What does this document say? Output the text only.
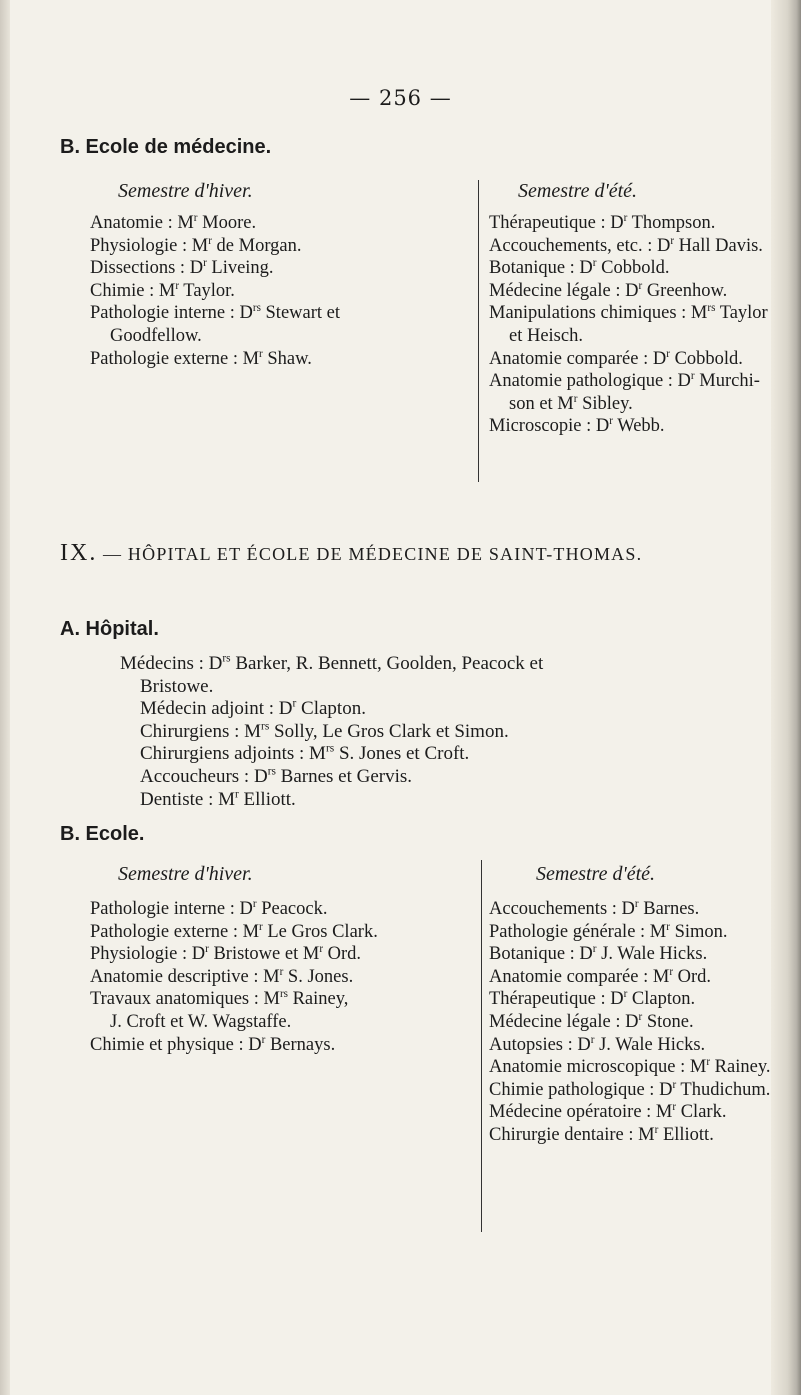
— 256 —
B. Ecole de médecine.
Semestre d'hiver.	Semestre d'été.
Anatomie : $M^r$ Moore.
Physiologie : $M^r$ de Morgan.
Dissections : $D^r$ Liveing.
Chimie : $M^r$ Taylor.
Pathologie interne : $D^{rs}$ Stewart et
Goodfellow.
Pathologie externe : $M^r$ Shaw.
Thérapeutique : $D^r$ Thompson.
Accouchements, etc. : $D^r$ Hall Davis.
Botanique : $D^r$ Cobbold.
Médecine légale : $D^r$ Greenhow.
Manipulations chimiques : $M^{rs}$ Taylor
et Heisch.
Anatomie comparée : $D^r$ Cobbold.
Anatomie pathologique : $D^r$ Murchi-
son et $M^r$ Sibley.
Microscopie : $D^r$ Webb.
IX. — HÔPITAL ET ÉCOLE DE MÉDECINE DE SAINT-THOMAS.
A. Hôpital.
Médecins : $D^{rs}$ Barker, R. Bennett, Goolden, Peacock et
Bristowe.
Médecin adjoint : $D^r$ Clapton.
Chirurgiens : $M^{rs}$ Solly, Le Gros Clark et Simon.
Chirurgiens adjoints : $M^{rs}$ S. Jones et Croft.
Accoucheurs : $D^{rs}$ Barnes et Gervis.
Dentiste : $M^r$ Elliott.
B. Ecole.
Semestre d'hiver.	Semestre d'été.
Pathologie interne : $D^r$ Peacock.
Pathologie externe : $M^r$ Le Gros Clark.
Physiologie : $D^r$ Bristowe et $M^r$ Ord.
Anatomie descriptive : $M^r$ S. Jones.
Travaux anatomiques : $M^{rs}$ Rainey,
J. Croft et W. Wagstaffe.
Chimie et physique : $D^r$ Bernays.
Accouchements : $D^r$ Barnes.
Pathologie générale : $M^r$ Simon.
Botanique : $D^r$ J. Wale Hicks.
Anatomie comparée : $M^r$ Ord.
Thérapeutique : $D^r$ Clapton.
Médecine légale : $D^r$ Stone.
Autopsies : $D^r$ J. Wale Hicks.
Anatomie microscopique : $M^r$ Rainey.
Chimie pathologique : $D^r$ Thudichum.
Médecine opératoire : $M^r$ Clark.
Chirurgie dentaire : $M^r$ Elliott.
